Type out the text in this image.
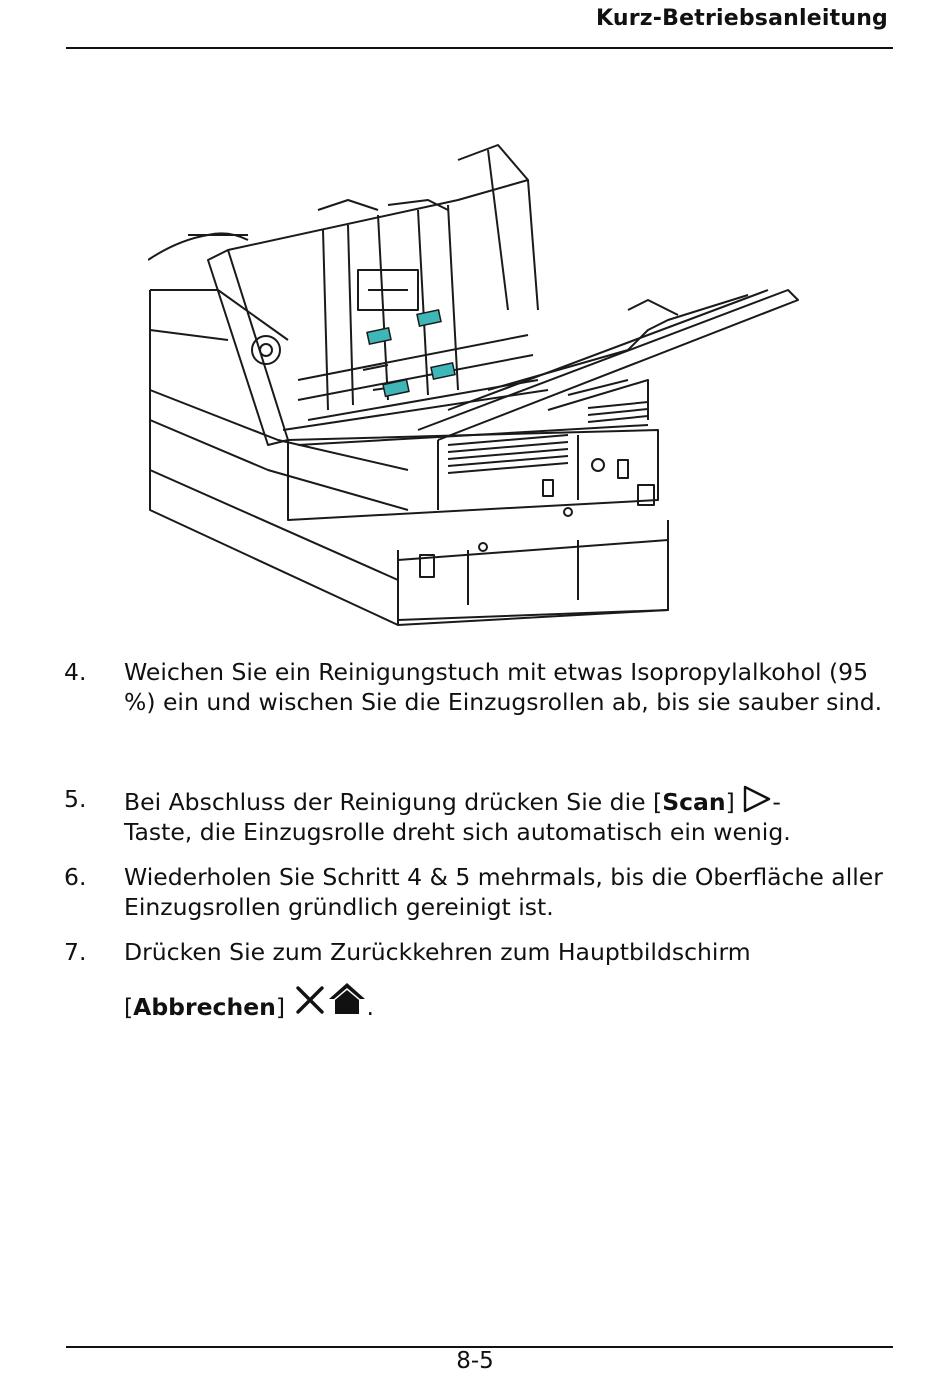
Kurz-Betriebsanleitung
4. Weichen Sie ein Reinigungstuch mit etwas Isopropylalkohol (95 %) ein und wischen Sie die Einzugsrollen ab, bis sie sauber sind.
5. Bei Abschluss der Reinigung drücken Sie die [Scan] -
Taste, die Einzugsrolle dreht sich automatisch ein wenig.
6. Wiederholen Sie Schritt 4 & 5 mehrmals, bis die Oberfläche aller Einzugsrollen gründlich gereinigt ist.
7. Drücken Sie zum Zurückkehren zum Hauptbildschirm
[Abbrechen]	.
8-5
